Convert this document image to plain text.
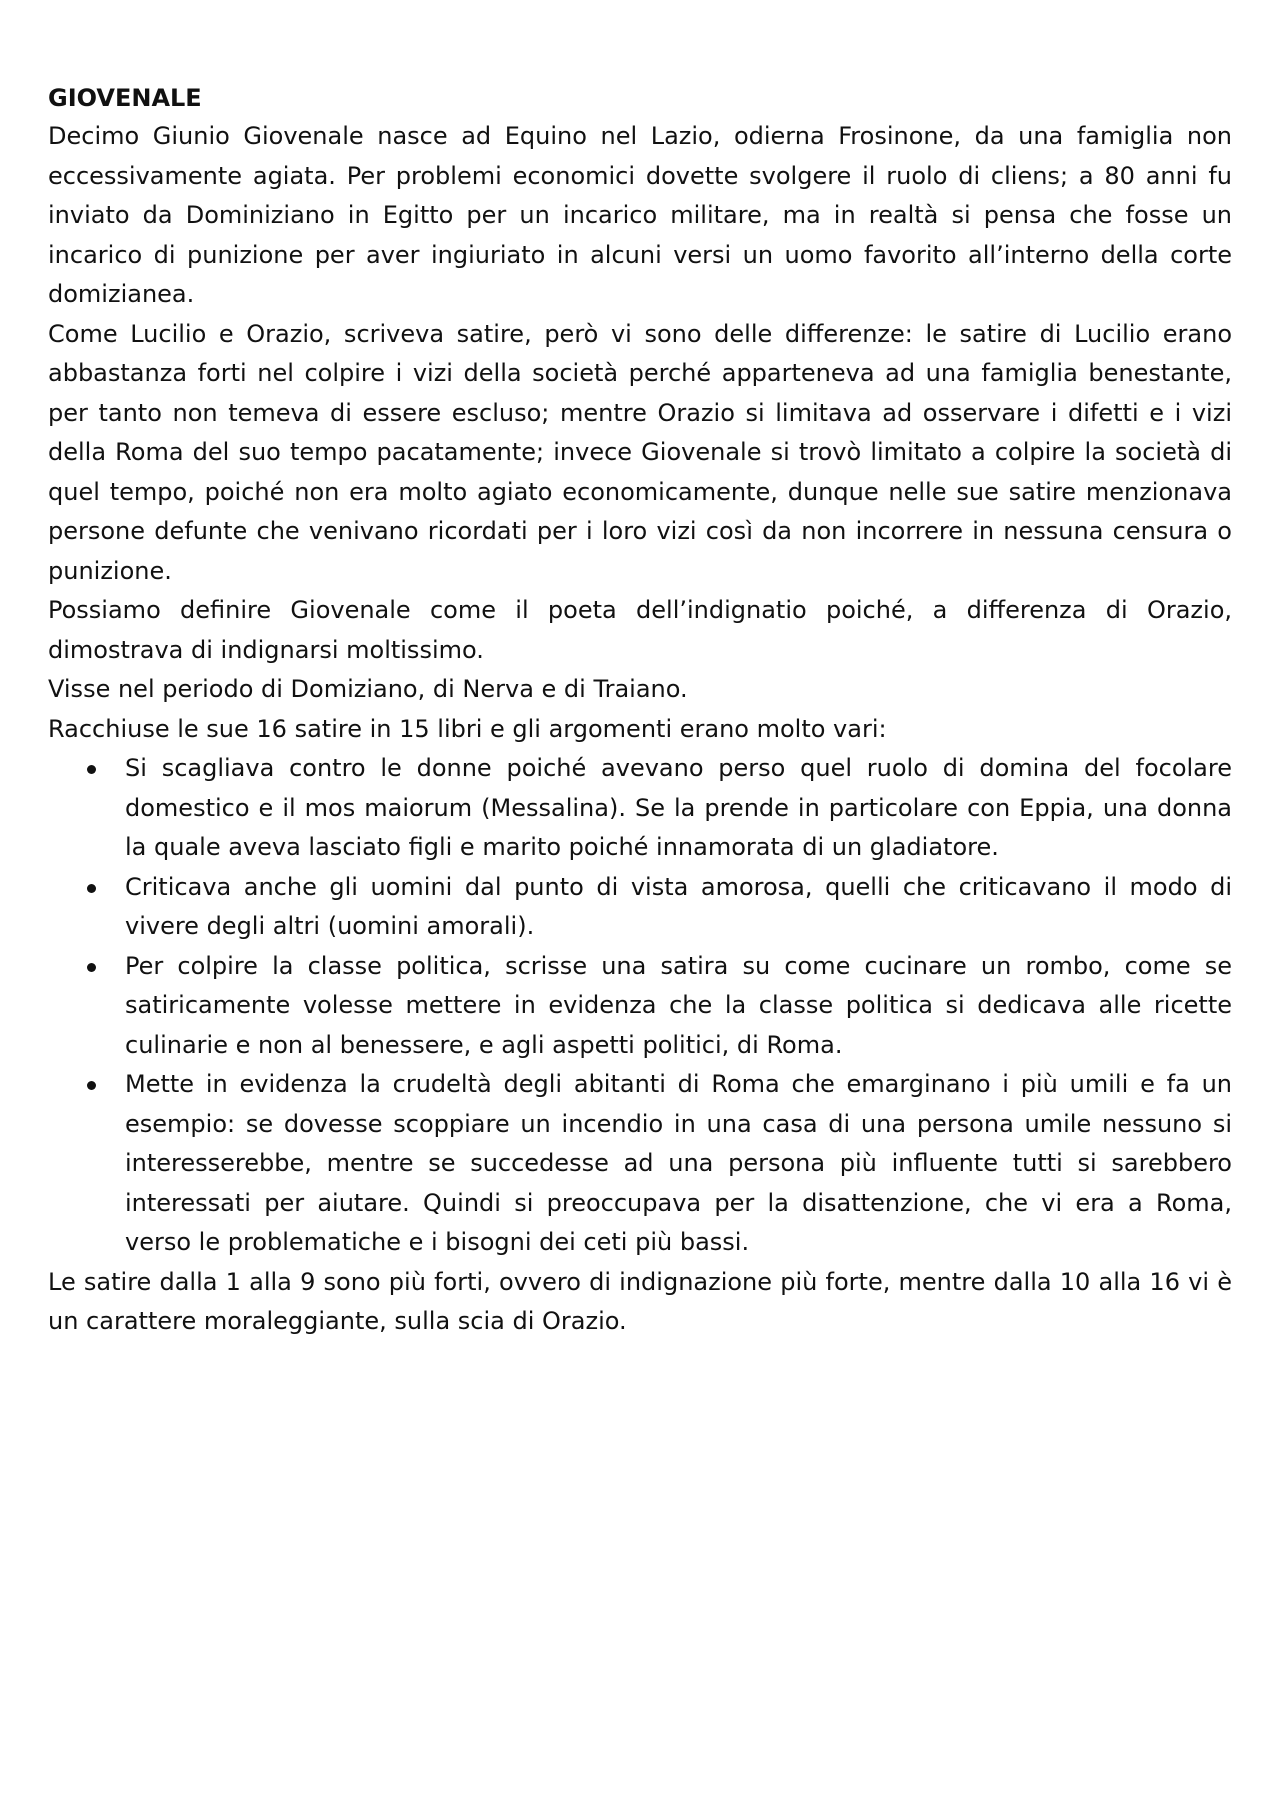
GIOVENALE

Decimo Giunio Giovenale nasce ad Equino nel Lazio, odierna Frosinone, da una famiglia non eccessivamente agiata. Per problemi economici dovette svolgere il ruolo di cliens; a 80 anni fu inviato da Dominiziano in Egitto per un incarico militare, ma in realtà si pensa che fosse un incarico di punizione per aver ingiuriato in alcuni versi un uomo favorito all’interno della corte domizianea.

Come Lucilio e Orazio, scriveva satire, però vi sono delle differenze: le satire di Lucilio erano abbastanza forti nel colpire i vizi della società perché apparteneva ad una famiglia benestante, per tanto non temeva di essere escluso; mentre Orazio si limitava ad osservare i difetti e i vizi della Roma del suo tempo pacatamente; invece Giovenale si trovò limitato a colpire la società di quel tempo, poiché non era molto agiato economicamente, dunque nelle sue satire menzionava persone defunte che venivano ricordati per i loro vizi così da non incorrere in nessuna censura o punizione.

Possiamo definire Giovenale come il poeta dell’indignatio poiché, a differenza di Orazio, dimostrava di indignarsi moltissimo.

Visse nel periodo di Domiziano, di Nerva e di Traiano.

Racchiuse le sue 16 satire in 15 libri e gli argomenti erano molto vari:

Si scagliava contro le donne poiché avevano perso quel ruolo di domina del focolare domestico e il mos maiorum (Messalina). Se la prende in particolare con Eppia, una donna la quale aveva lasciato figli e marito poiché innamorata di un gladiatore.
Criticava anche gli uomini dal punto di vista amorosa, quelli che criticavano il modo di vivere degli altri (uomini amorali).
Per colpire la classe politica, scrisse una satira su come cucinare un rombo, come se satiricamente volesse mettere in evidenza che la classe politica si dedicava alle ricette culinarie e non al benessere, e agli aspetti politici, di Roma.
Mette in evidenza la crudeltà degli abitanti di Roma che emarginano i più umili e fa un esempio: se dovesse scoppiare un incendio in una casa di una persona umile nessuno si interesserebbe, mentre se succedesse ad una persona più influente tutti si sarebbero interessati per aiutare. Quindi si preoccupava per la disattenzione, che vi era a Roma, verso le problematiche e i bisogni dei ceti più bassi.

Le satire dalla 1 alla 9 sono più forti, ovvero di indignazione più forte, mentre dalla 10 alla 16 vi è un carattere moraleggiante, sulla scia di Orazio.
